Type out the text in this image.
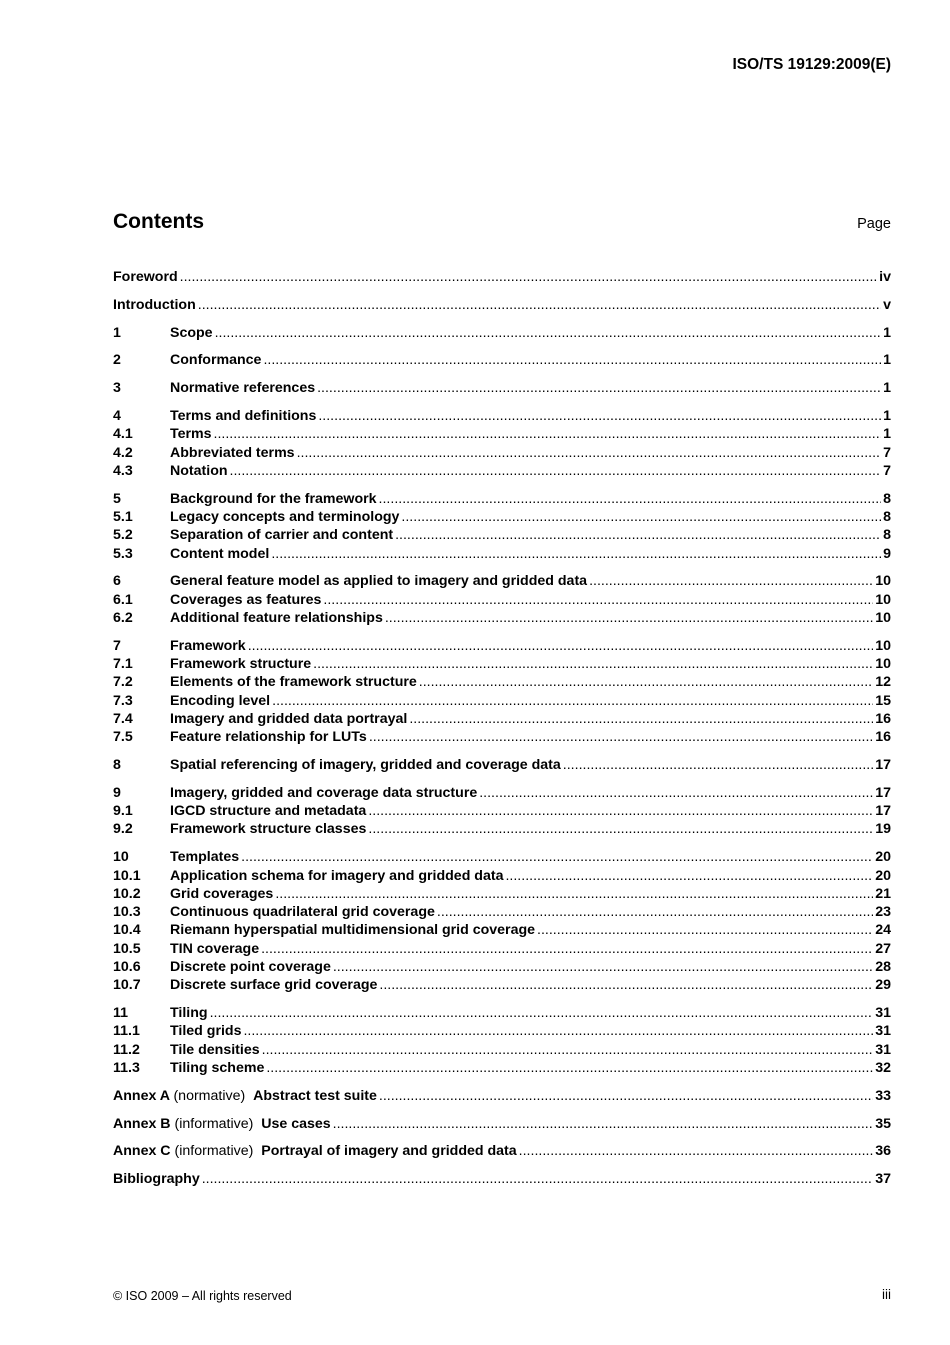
ISO/TS 19129:2009(E)
Contents	Page
Foreword .....	iv
Introduction .....	v
1	Scope .....	1
2	Conformance .....	1
3	Normative references .....	1
4	Terms and definitions .....	1
4.1	Terms .....	1
4.2	Abbreviated terms .....	7
4.3	Notation .....	7
5	Background for the framework .....	8
5.1	Legacy concepts and terminology .....	8
5.2	Separation of carrier and content .....	8
5.3	Content model .....	9
6	General feature model as applied to imagery and gridded data .....	10
6.1	Coverages as features .....	10
6.2	Additional feature relationships .....	10
7	Framework .....	10
7.1	Framework structure .....	10
7.2	Elements of the framework structure .....	12
7.3	Encoding level .....	15
7.4	Imagery and gridded data portrayal .....	16
7.5	Feature relationship for LUTs .....	16
8	Spatial referencing of imagery, gridded and coverage data .....	17
9	Imagery, gridded and coverage data structure .....	17
9.1	IGCD structure and metadata .....	17
9.2	Framework structure classes .....	19
10	Templates .....	20
10.1	Application schema for imagery and gridded data .....	20
10.2	Grid coverages .....	21
10.3	Continuous quadrilateral grid coverage .....	23
10.4	Riemann hyperspatial multidimensional grid coverage .....	24
10.5	TIN coverage .....	27
10.6	Discrete point coverage .....	28
10.7	Discrete surface grid coverage .....	29
11	Tiling .....	31
11.1	Tiled grids .....	31
11.2	Tile densities .....	31
11.3	Tiling scheme .....	32
Annex A (normative) Abstract test suite .....	33
Annex B (informative) Use cases .....	35
Annex C (informative) Portrayal of imagery and gridded data .....	36
Bibliography .....	37
© ISO 2009 – All rights reserved	iii
